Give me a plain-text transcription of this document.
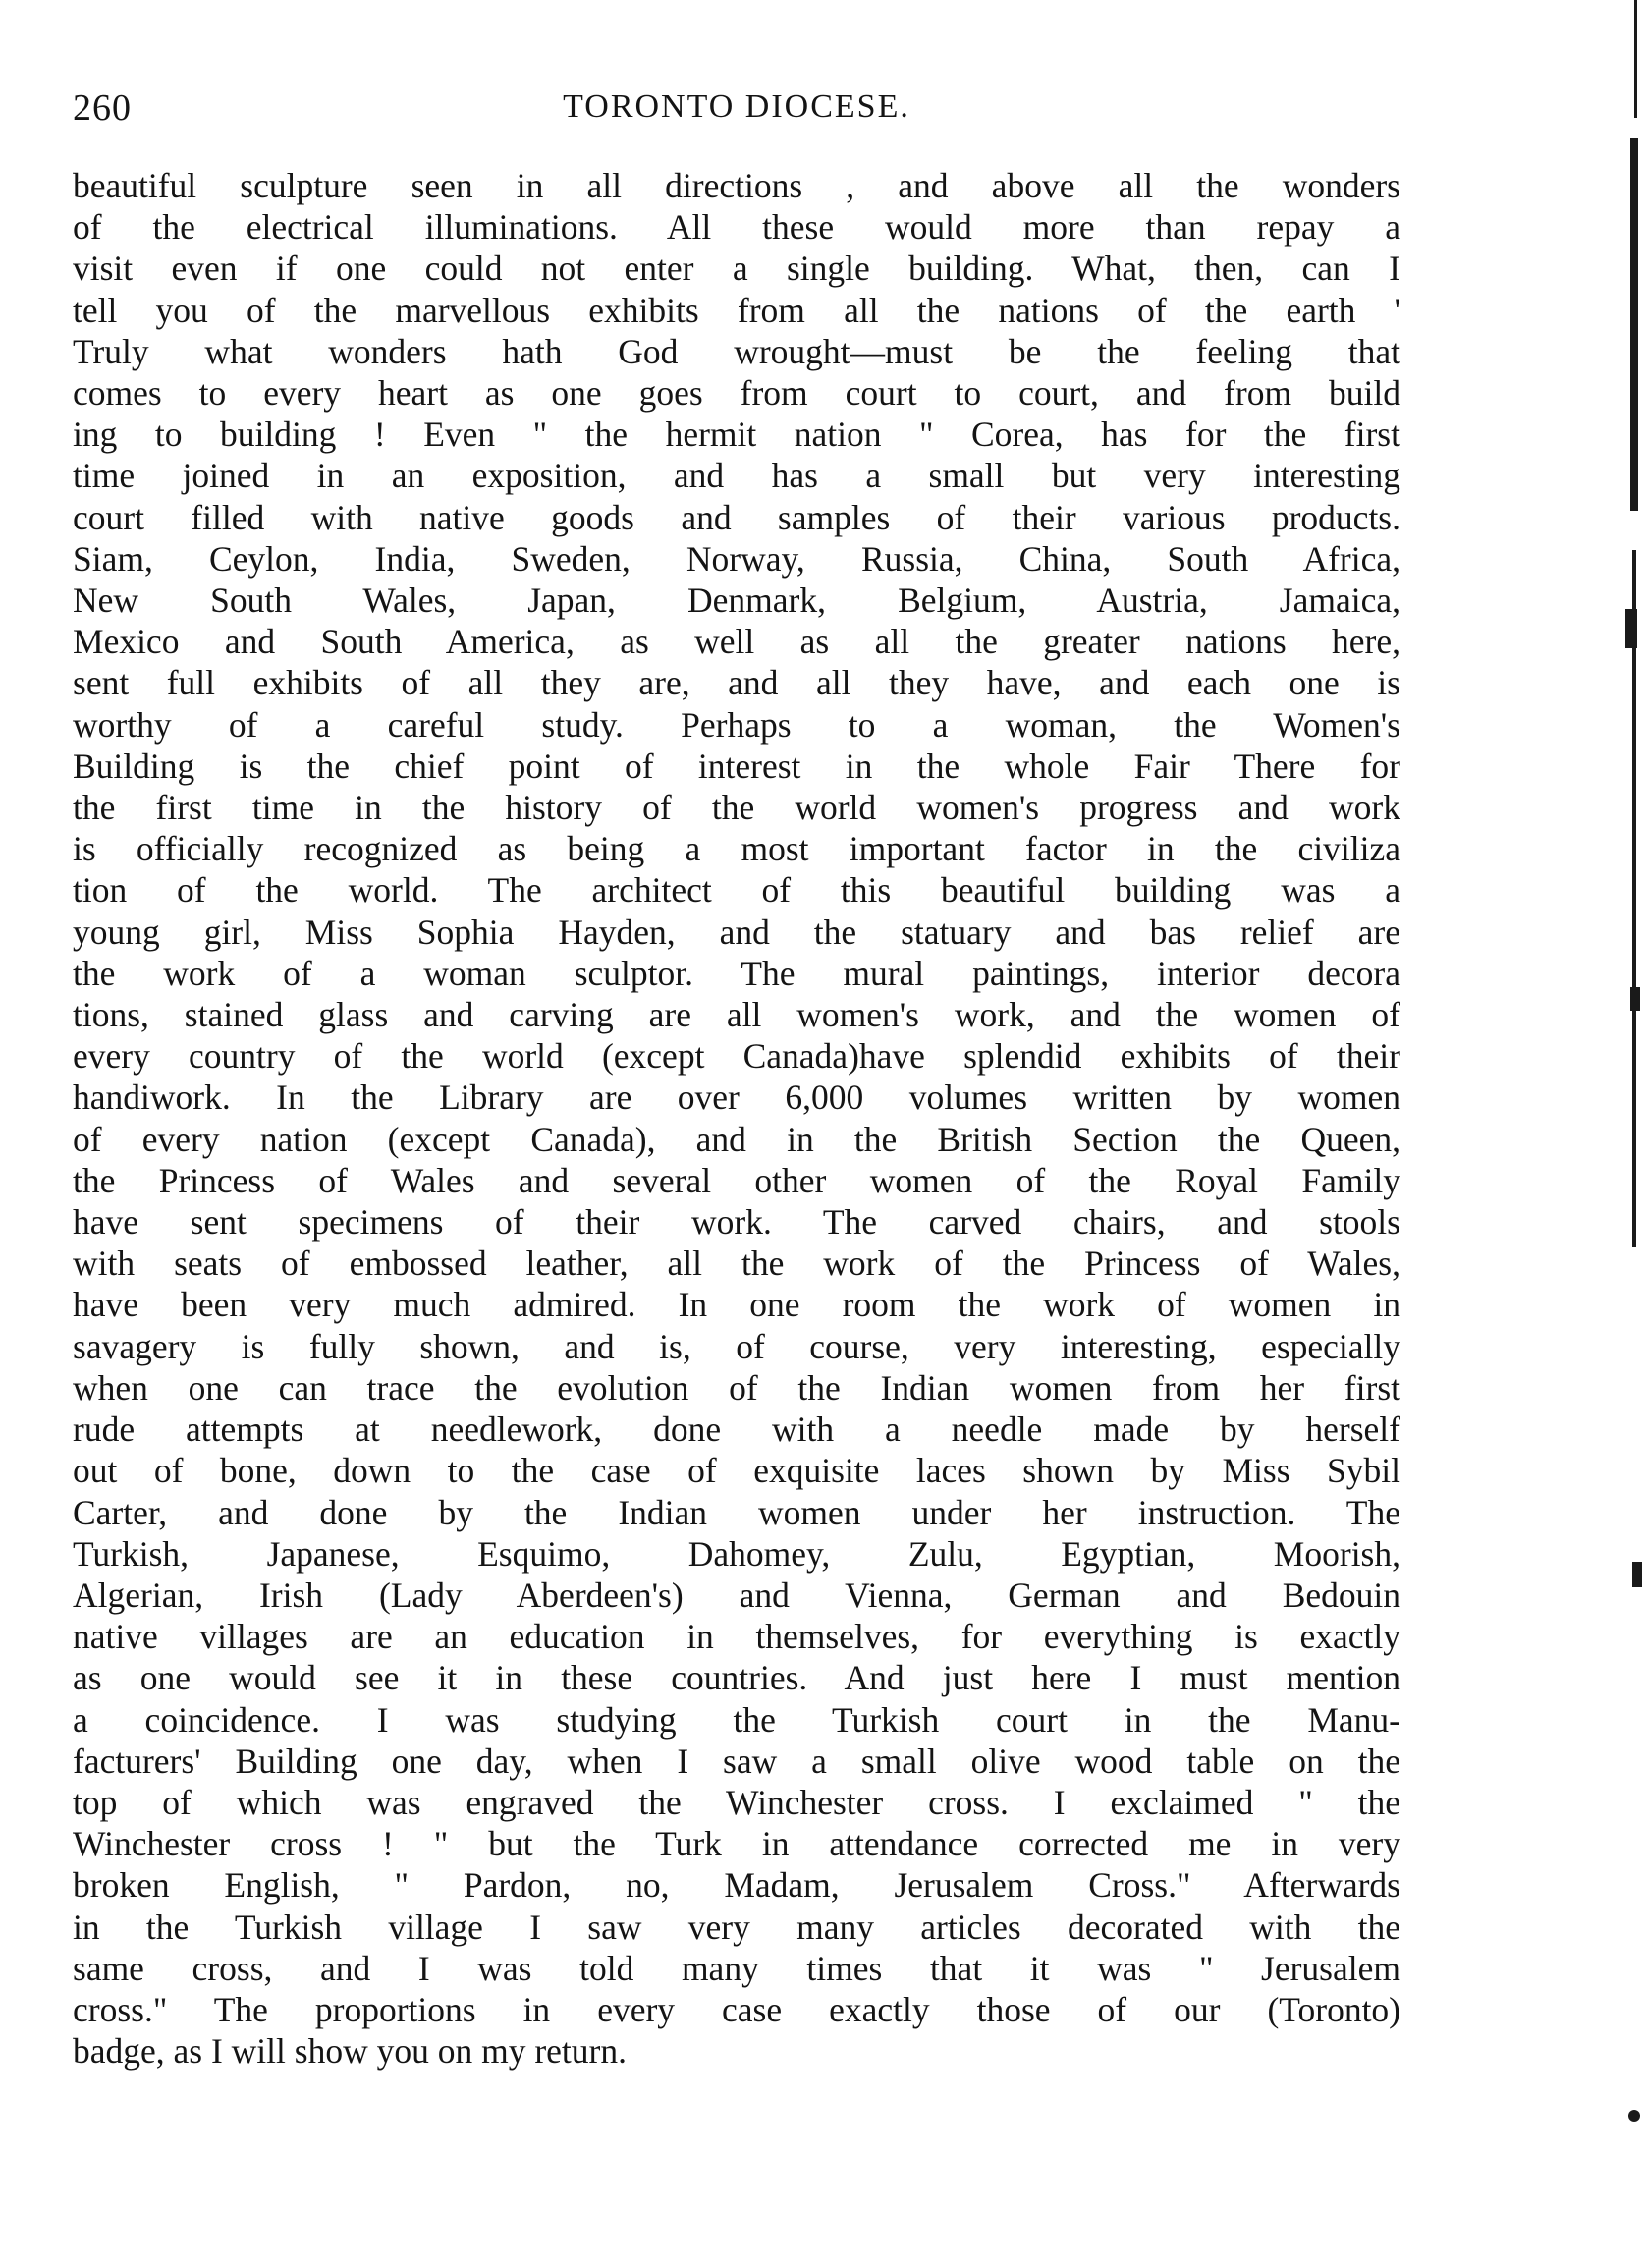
260	TORONTO DIOCESE.
beautiful sculpture seen in all directions , and above all the wonders
of the electrical illuminations. All these would more than repay a
visit even if one could not enter a single building. What, then, can I
tell you of the marvellous exhibits from all the nations of the earth '
Truly what wonders hath God wrought—must be the feeling that
comes to every heart as one goes from court to court, and from build
ing to building ! Even " the hermit nation " Corea, has for the first
time joined in an exposition, and has a small but very interesting
court filled with native goods and samples of their various products.
Siam, Ceylon, India, Sweden, Norway, Russia, China, South Africa,
New South Wales, Japan, Denmark, Belgium, Austria, Jamaica,
Mexico and South America, as well as all the greater nations here,
sent full exhibits of all they are, and all they have, and each one is
worthy of a careful study. Perhaps to a woman, the Women's
Building is the chief point of interest in the whole Fair There for
the first time in the history of the world women's progress and work
is officially recognized as being a most important factor in the civiliza
tion of the world. The architect of this beautiful building was a
young girl, Miss Sophia Hayden, and the statuary and bas relief are
the work of a woman sculptor. The mural paintings, interior decora
tions, stained glass and carving are all women's work, and the women of
every country of the world (except Canada)have splendid exhibits of their
handiwork. In the Library are over 6,000 volumes written by women
of every nation (except Canada), and in the British Section the Queen,
the Princess of Wales and several other women of the Royal Family
have sent specimens of their work. The carved chairs, and stools
with seats of embossed leather, all the work of the Princess of Wales,
have been very much admired. In one room the work of women in
savagery is fully shown, and is, of course, very interesting, especially
when one can trace the evolution of the Indian women from her first
rude attempts at needlework, done with a needle made by herself
out of bone, down to the case of exquisite laces shown by Miss Sybil
Carter, and done by the Indian women under her instruction. The
Turkish, Japanese, Esquimo, Dahomey, Zulu, Egyptian, Moorish,
Algerian, Irish (Lady Aberdeen's) and Vienna, German and Bedouin
native villages are an education in themselves, for everything is exactly
as one would see it in these countries. And just here I must mention
a coincidence. I was studying the Turkish court in the Manu-
facturers' Building one day, when I saw a small olive wood table on the
top of which was engraved the Winchester cross. I exclaimed " the
Winchester cross ! " but the Turk in attendance corrected me in very
broken English, " Pardon, no, Madam, Jerusalem Cross." Afterwards
in the Turkish village I saw very many articles decorated with the
same cross, and I was told many times that it was " Jerusalem
cross." The proportions in every case exactly those of our (Toronto)
badge, as I will show you on my return.
